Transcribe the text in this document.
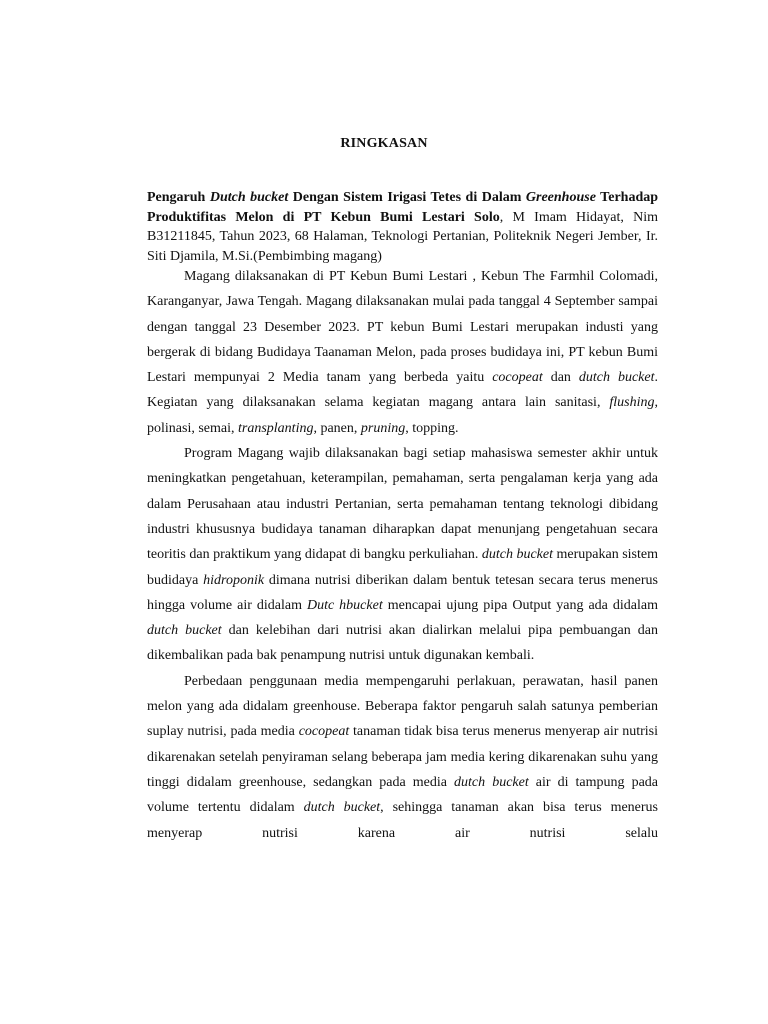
RINGKASAN
Pengaruh Dutch bucket Dengan Sistem Irigasi Tetes di Dalam Greenhouse Terhadap Produktifitas Melon di PT Kebun Bumi Lestari Solo, M Imam Hidayat, Nim B31211845, Tahun 2023, 68 Halaman, Teknologi Pertanian, Politeknik Negeri Jember, Ir. Siti Djamila, M.Si.(Pembimbing magang)

Magang dilaksanakan di PT Kebun Bumi Lestari , Kebun The Farmhil Colomadi, Karanganyar, Jawa Tengah. Magang dilaksanakan mulai pada tanggal 4 September sampai dengan tanggal 23 Desember 2023. PT kebun Bumi Lestari merupakan industi yang bergerak di bidang Budidaya Taanaman Melon, pada proses budidaya ini, PT kebun Bumi Lestari mempunyai 2 Media tanam yang berbeda yaitu cocopeat dan dutch bucket. Kegiatan yang dilaksanakan selama kegiatan magang antara lain sanitasi, flushing, polinasi, semai, transplanting, panen, pruning, topping.

Program Magang wajib dilaksanakan bagi setiap mahasiswa semester akhir untuk meningkatkan pengetahuan, keterampilan, pemahaman, serta pengalaman kerja yang ada dalam Perusahaan atau industri Pertanian, serta pemahaman tentang teknologi dibidang industri khususnya budidaya tanaman diharapkan dapat menunjang pengetahuan secara teoritis dan praktikum yang didapat di bangku perkuliahan. dutch bucket merupakan sistem budidaya hidroponik dimana nutrisi diberikan dalam bentuk tetesan secara terus menerus hingga volume air didalam Dutc hbucket mencapai ujung pipa Output yang ada didalam dutch bucket dan kelebihan dari nutrisi akan dialirkan melalui pipa pembuangan dan dikembalikan pada bak penampung nutrisi untuk digunakan kembali.

Perbedaan penggunaan media mempengaruhi perlakuan, perawatan, hasil panen melon yang ada didalam greenhouse. Beberapa faktor pengaruh salah satunya pemberian suplay nutrisi, pada media cocopeat tanaman tidak bisa terus menerus menyerap air nutrisi dikarenakan setelah penyiraman selang beberapa jam media kering dikarenakan suhu yang tinggi didalam greenhouse, sedangkan pada media dutch bucket air di tampung pada volume tertentu didalam dutch bucket, sehingga tanaman akan bisa terus menerus menyerap nutrisi karena air nutrisi selalu
